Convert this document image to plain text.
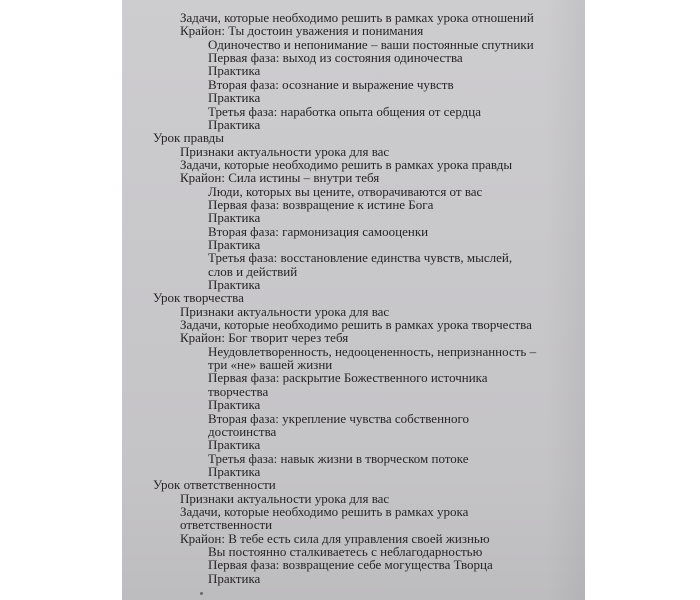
Задачи, которые необходимо решить в рамках урока отношений
Крайон: Ты достоин уважения и понимания
Одиночество и непонимание – ваши постоянные спутники
Первая фаза: выход из состояния одиночества
Практика
Вторая фаза: осознание и выражение чувств
Практика
Третья фаза: наработка опыта общения от сердца
Практика
Урок правды
Признаки актуальности урока для вас
Задачи, которые необходимо решить в рамках урока правды
Крайон: Сила истины – внутри тебя
Люди, которых вы цените, отворачиваются от вас
Первая фаза: возвращение к истине Бога
Практика
Вторая фаза: гармонизация самооценки
Практика
Третья фаза: восстановление единства чувств, мыслей,
слов и действий
Практика
Урок творчества
Признаки актуальности урока для вас
Задачи, которые необходимо решить в рамках урока творчества
Крайон: Бог творит через тебя
Неудовлетворенность, недооцененность, непризнанность –
три «не» вашей жизни
Первая фаза: раскрытие Божественного источника
творчества
Практика
Вторая фаза: укрепление чувства собственного
достоинства
Практика
Третья фаза: навык жизни в творческом потоке
Практика
Урок ответственности
Признаки актуальности урока для вас
Задачи, которые необходимо решить в рамках урока
ответственности
Крайон: В тебе есть сила для управления своей жизнью
Вы постоянно сталкиваетесь с неблагодарностью
Первая фаза: возвращение себе могущества Творца
Практика
